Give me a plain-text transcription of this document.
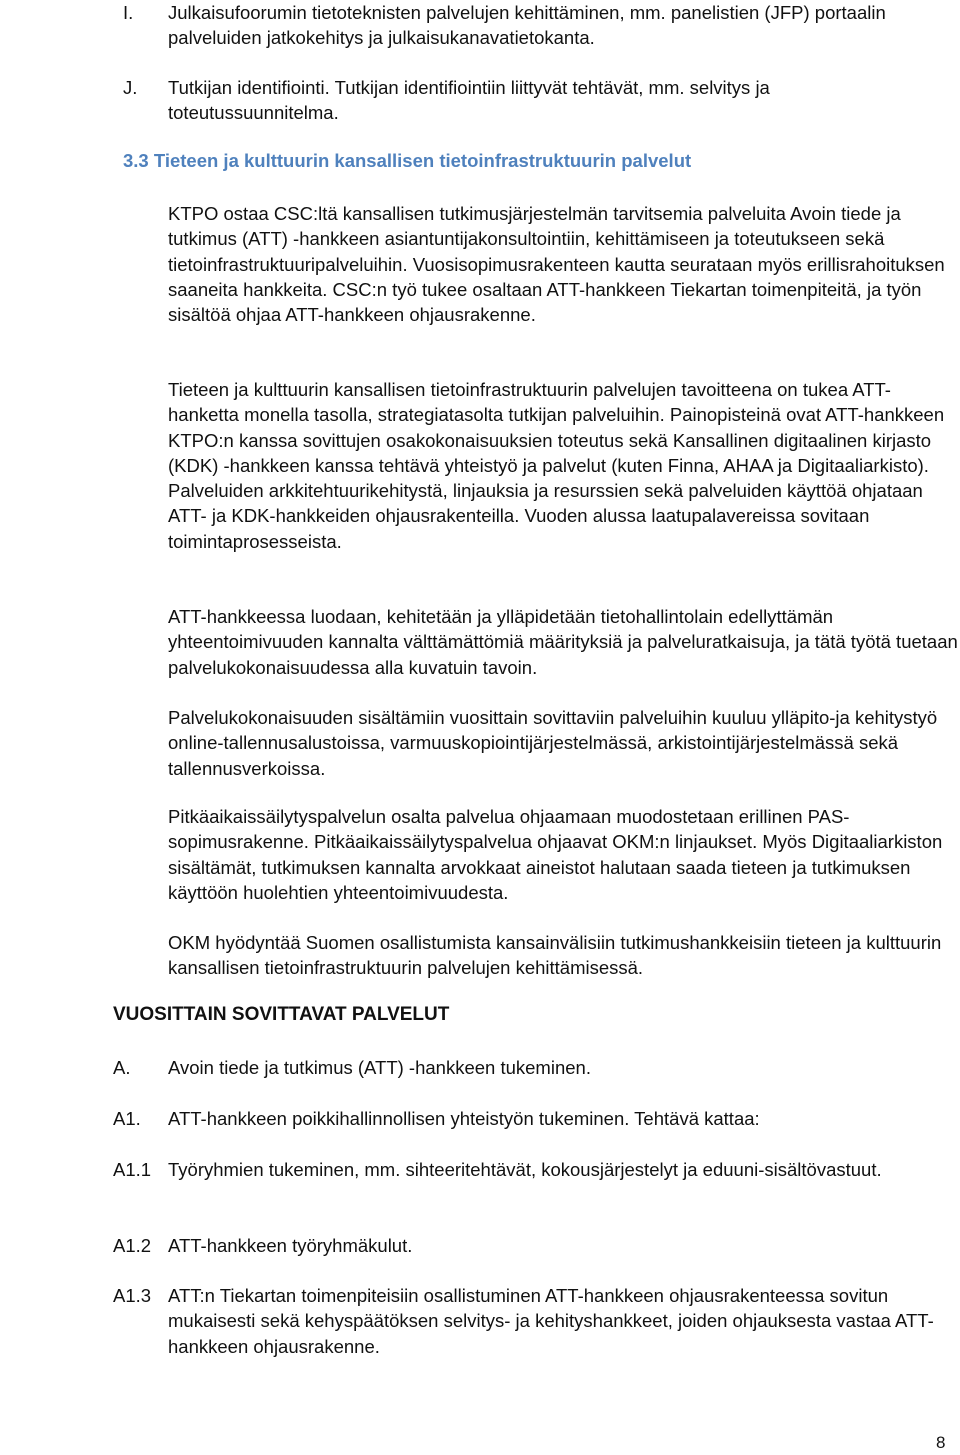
I. Julkaisufoorumin tietoteknisten palvelujen kehittäminen, mm. panelistien (JFP) portaalin palveluiden jatkokehitys ja julkaisukanavatietokanta.
J. Tutkijan identifiointi. Tutkijan identifiointiin liittyvät tehtävät, mm. selvitys ja toteutussuunnitelma.
3.3 Tieteen ja kulttuurin kansallisen tietoinfrastruktuurin palvelut

KTPO ostaa CSC:ltä kansallisen tutkimusjärjestelmän tarvitsemia palveluita Avoin tiede ja tutkimus (ATT) -hankkeen asiantuntijakonsultointiin, kehittämiseen ja toteutukseen sekä tietoinfrastruktuuripalveluihin. Vuosisopimusrakenteen kautta seurataan myös erillisrahoituksen saaneita hankkeita. CSC:n työ tukee osaltaan ATT-hankkeen Tiekartan toimenpiteitä, ja työn sisältöä ohjaa ATT-hankkeen ohjausrakenne.

Tieteen ja kulttuurin kansallisen tietoinfrastruktuurin palvelujen tavoitteena on tukea ATT-hanketta monella tasolla, strategiatasolta tutkijan palveluihin. Painopisteinä ovat ATT-hankkeen KTPO:n kanssa sovittujen osakokonaisuuksien toteutus sekä Kansallinen digitaalinen kirjasto (KDK) -hankkeen kanssa tehtävä yhteistyö ja palvelut (kuten Finna, AHAA ja Digitaaliarkisto). Palveluiden arkkitehtuurikehitystä, linjauksia ja resurssien sekä palveluiden käyttöä ohjataan ATT- ja KDK-hankkeiden ohjausrakenteilla. Vuoden alussa laatupalavereissa sovitaan toimintaprosesseista.

ATT-hankkeessa luodaan, kehitetään ja ylläpidetään tietohallintolain edellyttämän yhteentoimivuuden kannalta välttämättömiä määrityksiä ja palveluratkaisuja, ja tätä työtä tuetaan palvelukokonaisuudessa alla kuvatuin tavoin.

Palvelukokonaisuuden sisältämiin vuosittain sovittaviin palveluihin kuuluu ylläpito-ja kehitystyö online-tallennusalustoissa, varmuuskopiointijärjestelmässä, arkistointijärjestelmässä sekä tallennusverkoissa.

Pitkäaikaissäilytyspalvelun osalta palvelua ohjaamaan muodostetaan erillinen PAS-sopimusrakenne. Pitkäaikaissäilytyspalvelua ohjaavat OKM:n linjaukset. Myös Digitaaliarkiston sisältämät, tutkimuksen kannalta arvokkaat aineistot halutaan saada tieteen ja tutkimuksen käyttöön huolehtien yhteentoimivuudesta.

OKM hyödyntää Suomen osallistumista kansainvälisiin tutkimushankkeisiin tieteen ja kulttuurin kansallisen tietoinfrastruktuurin palvelujen kehittämisessä.

VUOSITTAIN SOVITTAVAT PALVELUT
A. Avoin tiede ja tutkimus (ATT) -hankkeen tukeminen.
A1. ATT-hankkeen poikkihallinnollisen yhteistyön tukeminen. Tehtävä kattaa:
A1.1 Työryhmien tukeminen, mm. sihteeritehtävät, kokousjärjestelyt ja eduuni-sisältövastuut.
A1.2 ATT-hankkeen työryhmäkulut.
A1.3 ATT:n Tiekartan toimenpiteisiin osallistuminen ATT-hankkeen ohjausrakenteessa sovitun mukaisesti sekä kehyspäätöksen selvitys- ja kehityshankkeet, joiden ohjauksesta vastaa ATT-hankkeen ohjausrakenne.
8
